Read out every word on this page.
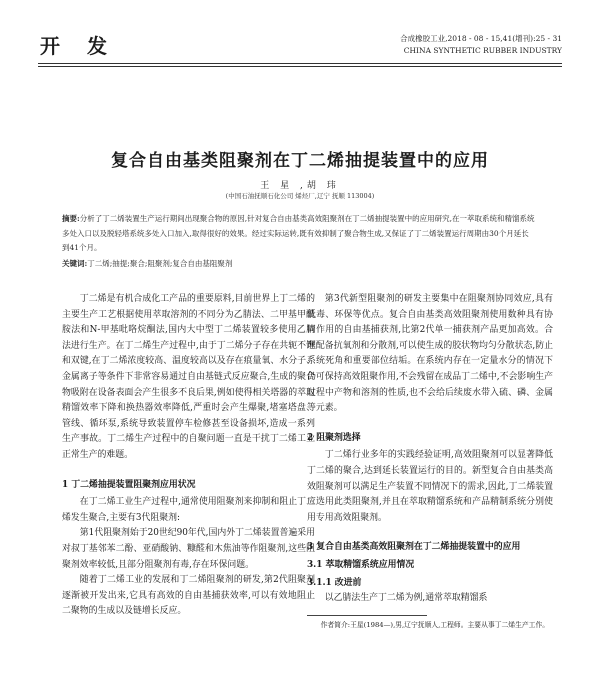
开 发	合成橡胶工业,2018 - 08 - 15,41(增刊):25 - 31
CHINA SYNTHETIC RUBBER INDUSTRY
复合自由基类阻聚剂在丁二烯抽提装置中的应用
王 星 ,胡 玮
(中国石油抚顺石化公司 烯烃厂,辽宁 抚顺 113004)
摘要:分析了丁二烯装置生产运行期间出现聚合物的原因,针对复合自由基类高效阻聚剂在丁二烯抽提装置中的应用研究,在一萃取系统和精馏系统多处入口以及脱轻塔系统多处入口加入,取得很好的效果。经过实际运转,既有效抑制了聚合物生成,又保证了丁二烯装置运行周期由30个月延长到41个月。
关键词:丁二烯;抽提;聚合;阻聚剂;复合自由基阻聚剂

丁二烯是有机合成化工产品的重要原料,目前世界上丁二烯的主要生产工艺根据使用萃取溶剂的不同分为乙腈法、二甲基甲酰胺法和N-甲基吡咯烷酮法,国内大中型丁二烯装置较多使用乙腈法进行生产。在丁二烯生产过程中,由于丁二烯分子存在共轭不饱和双键,在丁二烯浓度较高、温度较高以及存在痕量氧、水分子、金属离子等条件下非常容易通过自由基链式反应聚合,生成的聚合物吸附在设备表面会产生很多不良后果,例如使得相关塔器的萃取精馏效率下降和换热器效率降低,严重时会产生爆聚,堵塞塔盘、管线、循环泵,系统导致装置停车检修甚至设备损坏,造成一系列生产事故。丁二烯生产过程中的自聚问题一直是干扰丁二烯工业正常生产的难题。

1 丁二烯抽提装置阻聚剂应用状况

在丁二烯工业生产过程中,通常使用阻聚剂来抑制和阻止丁二烯发生聚合,主要有3代阻聚剂:

第1代阻聚剂始于20世纪90年代,国内外丁二烯装置普遍采用对叔丁基邻苯二酚、亚硝酸钠、糠醛和木焦油等作阻聚剂,这些阻聚剂效率较低,且部分阻聚剂有毒,存在环保问题。

随着丁二烯工业的发展和丁二烯阻聚剂的研发,第2代阻聚剂逐渐被开发出来,它具有高效的自由基捕获效率,可以有效地阻止二聚物的生成以及链增长反应。

第3代新型阻聚剂的研发主要集中在阻聚剂协同效应,具有低毒、环保等优点。复合自由基类高效阻聚剂使用数种具有协同作用的自由基捕获剂,比第2代单一捕获剂产品更加高效。合理配备抗氧剂和分散剂,可以使生成的胶状物均匀分散状态,防止系统死角和重要部位结垢。在系统内存在一定量水分的情况下仍可保持高效阻聚作用,不会残留在成品丁二烯中,不会影响生产过程中产物和溶剂的性质,也不会给后续废水带入硫、磷、金属等元素。

2 阻聚剂选择

丁二烯行业多年的实践经验证明,高效阻聚剂可以显著降低丁二烯的聚合,达到延长装置运行的目的。新型复合自由基类高效阻聚剂可以满足生产装置不同情况下的需求,因此,丁二烯装置应选用此类阻聚剂,并且在萃取精馏系统和产品精制系统分别使用专用高效阻聚剂。

3 复合自由基类高效阻聚剂在丁二烯抽提装置中的应用

3.1 萃取精馏系统应用情况

3.1.1 改进前

以乙腈法生产丁二烯为例,通常萃取精馏系

作者简介:王星(1984—),男,辽宁抚顺人,工程师。主要从事丁二烯生产工作。
